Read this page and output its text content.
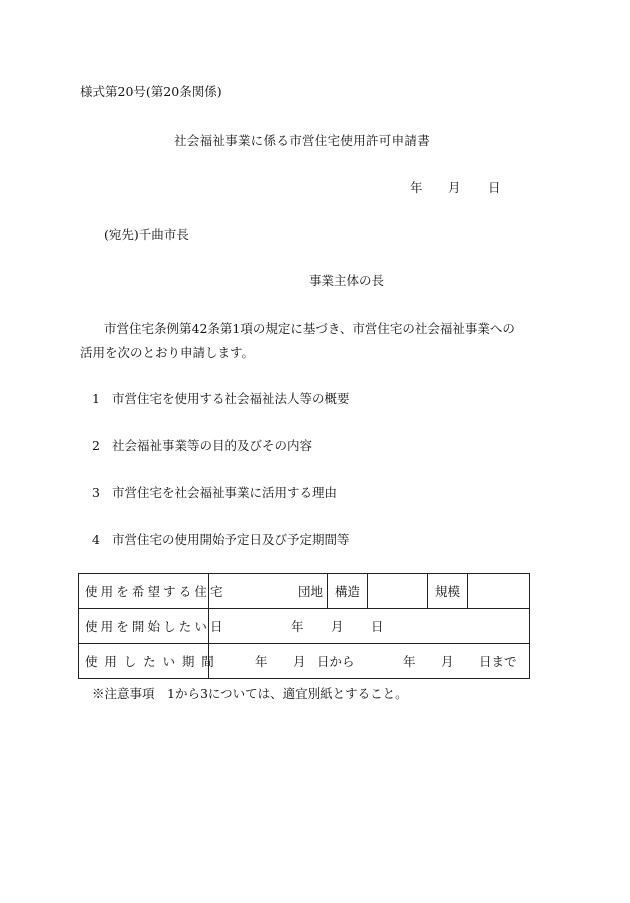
様式第20号(第20条関係)
社会福祉事業に係る市営住宅使用許可申請書
年 月 日
(宛先)千曲市長
事業主体の長
市営住宅条例第42条第1項の規定に基づき、市営住宅の社会福祉事業への
活用を次のとおり申請します。
1 市営住宅を使用する社会福祉法人等の概要
2 社会福祉事業等の目的及びその内容
3 市営住宅を社会福祉事業に活用する理由
4 市営住宅の使用開始予定日及び予定期間等
使用を希望する住宅	団地	構造		規模	
使用を開始したい日	年 月 日				
使用したい期間	年 月 日から 年 月 日まで				
※注意事項　1から3については、適宜別紙とすること。
